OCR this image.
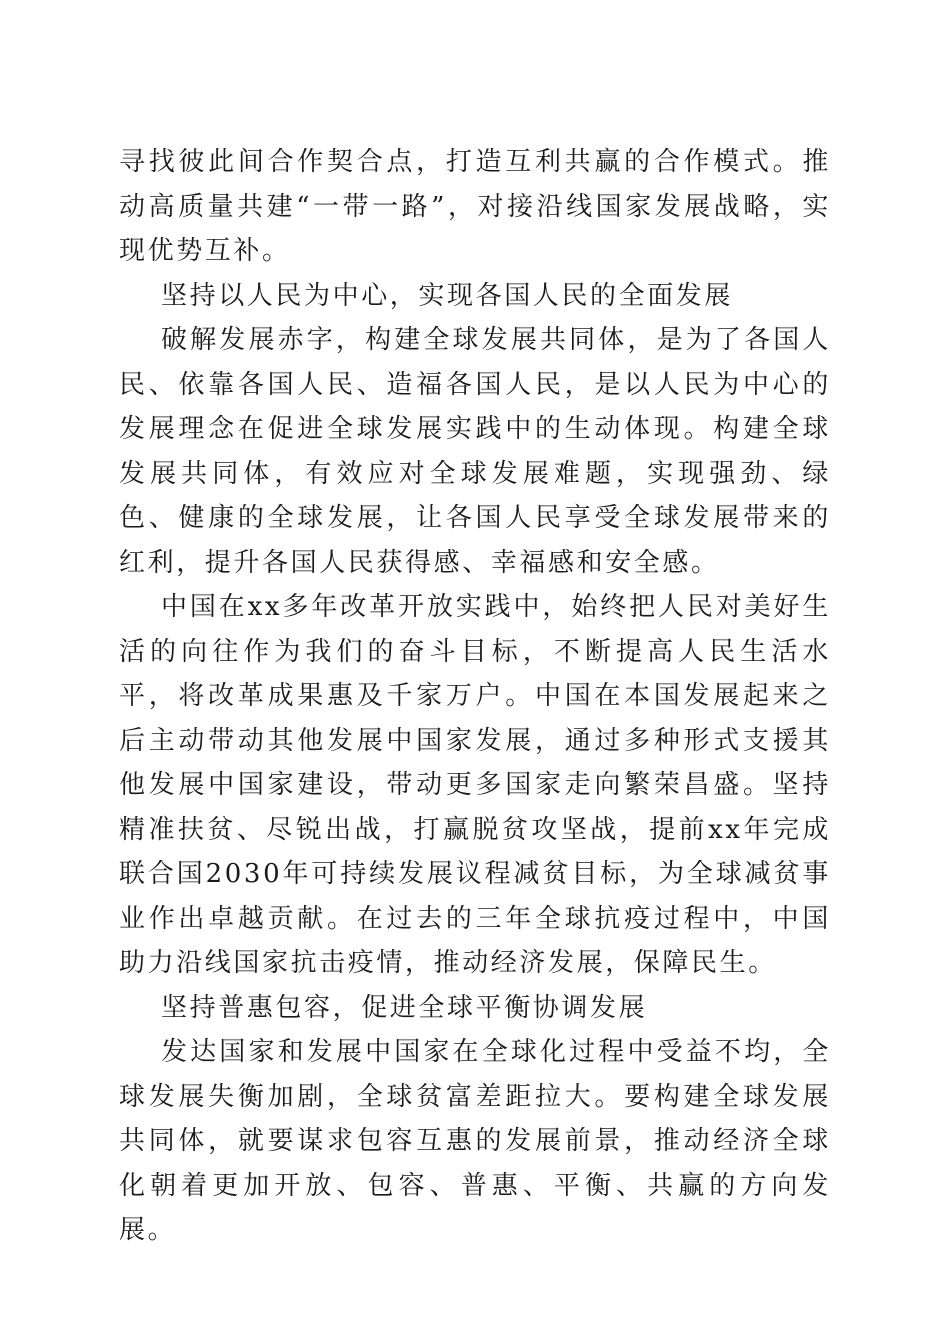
寻找彼此间合作契合点，打造互利共赢的合作模式。推动高质量共建“一带一路”，对接沿线国家发展战略，实现优势互补。

坚持以人民为中心，实现各国人民的全面发展

破解发展赤字，构建全球发展共同体，是为了各国人民、依靠各国人民、造福各国人民，是以人民为中心的发展理念在促进全球发展实践中的生动体现。构建全球发展共同体，有效应对全球发展难题，实现强劲、绿色、健康的全球发展，让各国人民享受全球发展带来的红利，提升各国人民获得感、幸福感和安全感。

中国在xx多年改革开放实践中，始终把人民对美好生活的向往作为我们的奋斗目标，不断提高人民生活水平，将改革成果惠及千家万户。中国在本国发展起来之后主动带动其他发展中国家发展，通过多种形式支援其他发展中国家建设，带动更多国家走向繁荣昌盛。坚持精准扶贫、尽锐出战，打赢脱贫攻坚战，提前xx年完成联合国2030年可持续发展议程减贫目标，为全球减贫事业作出卓越贡献。在过去的三年全球抗疫过程中，中国助力沿线国家抗击疫情，推动经济发展，保障民生。

坚持普惠包容，促进全球平衡协调发展

发达国家和发展中国家在全球化过程中受益不均，全球发展失衡加剧，全球贫富差距拉大。要构建全球发展共同体，就要谋求包容互惠的发展前景，推动经济全球化朝着更加开放、包容、普惠、平衡、共赢的方向发展。
